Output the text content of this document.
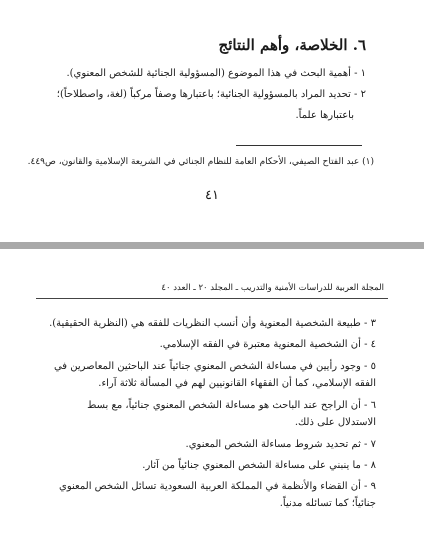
٦. الخلاصة، وأهم النتائج
١ - أهمية البحث في هذا الموضوع (المسؤولية الجنائية للشخص المعنوي).
٢ - تحديد المراد بالمسؤولية الجنائية؛ باعتبارها وصفاً مركباً (لغة، واصطلاحاً)؛
باعتبارها علماً.
(١) عبد الفتاح الصيفي، الأحكام العامة للنظام الجنائي في الشريعة الإسلامية والقانون، ص٤٤٩.
٤١
المجلة العربية للدراسات الأمنية والتدريب ـ المجلد ٢٠ ـ العدد ٤٠
٣ - طبيعة الشخصية المعنوية وأن أنسب النظريات للفقه هي (النظرية الحقيقية).
٤ - أن الشخصية المعنوية معتبرة في الفقه الإسلامي.
٥ - وجود رأيين في مساءلة الشخص المعنوي جنائياً عند الباحثين المعاصرين في
الفقه الإسلامي، كما أن الفقهاء القانونيين لهم في المسألة ثلاثة آراء.
٦ - أن الراجح عند الباحث هو مساءلة الشخص المعنوي جنائياً، مع بسط
الاستدلال على ذلك.
٧ - ثم تحديد شروط مساءلة الشخص المعنوي.
٨ - ما ينبني على مساءلة الشخص المعنوي جنائياً من آثار.
٩ - أن القضاء والأنظمة في المملكة العربية السعودية تسائل الشخص المعنوي
جنائياً؛ كما تسائله مدنياً.
